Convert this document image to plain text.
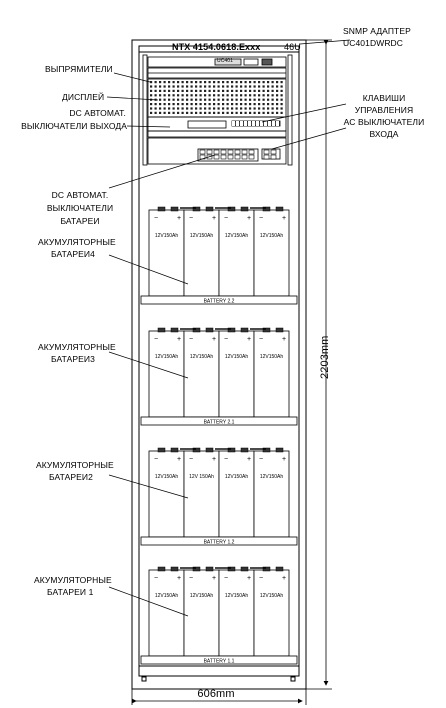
−	+
12V150Ah
−	+
12V150Ah
−	+
12V150Ah
−	+
12V150Ah
BATTERY 2.2
−	+
12V150Ah
−	+
12V150Ah
−	+
12V150Ah
−	+
12V150Ah
BATTERY 2.1
−	+
12V150Ah
−	+
12V 150Ah
−	+
12V150Ah
−	+
12V150Ah
BATTERY 1.2
−	+
12V150Ah
−	+
12V150Ah
−	+
12V150Ah
−	+
12V150Ah
BATTERY 1.1
NTX 4154.0618.Exxx	46U
UC401
SNMP АДАПТЕР
UC401DWRDC
ВЫПРЯМИТЕЛИ
ДИСПЛЕЙ
DC АВТОМАТ.
ВЫКЛЮЧАТЕЛИ ВЫХОДА
КЛАВИШИ
УПРАВЛЕНИЯ
АС ВЫКЛЮЧАТЕЛИ
ВХОДА
DC АВТОМАТ.
ВЫКЛЮЧАТЕЛИ
БАТАРЕИ
АКУМУЛЯТОРНЫЕ
БАТАРЕИ4
АКУМУЛЯТОРНЫЕ
БАТАРЕИ3
АКУМУЛЯТОРНЫЕ
БАТАРЕИ2
АКУМУЛЯТОРНЫЕ
БАТАРЕИ 1
2203mm
606mm
